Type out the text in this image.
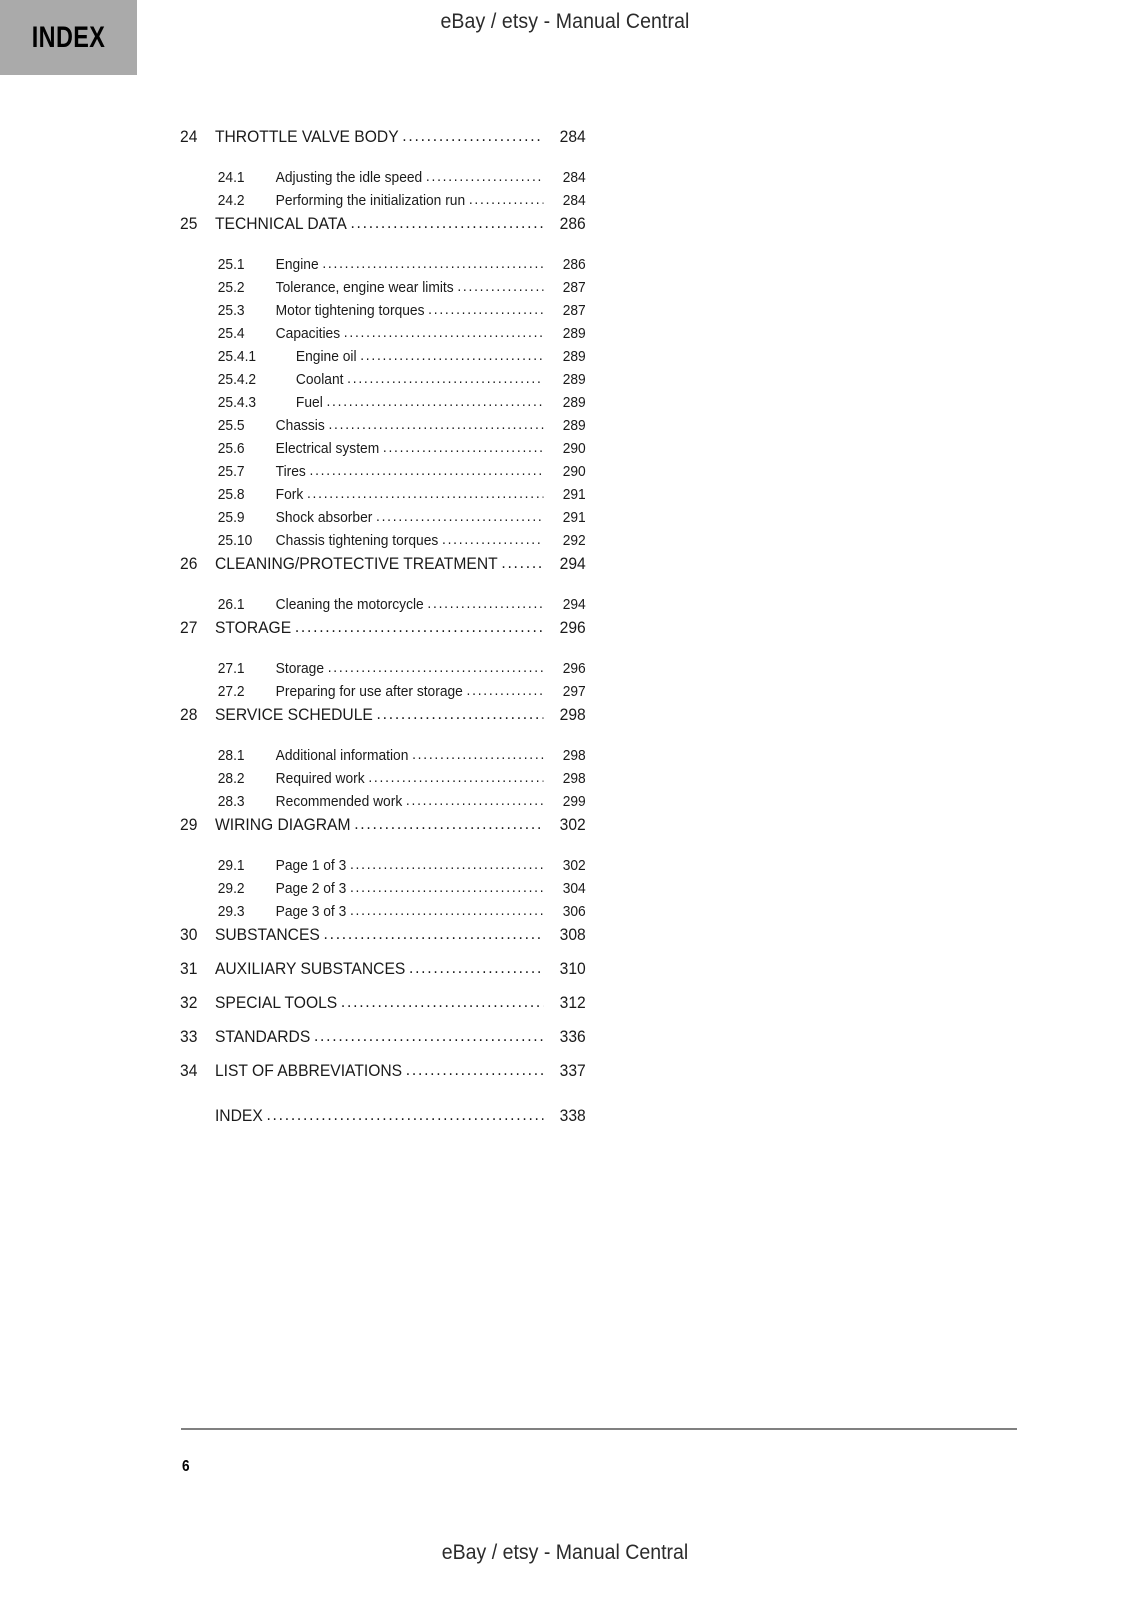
INDEX	eBay / etsy - Manual Central
24	THROTTLE VALVE BODY .....	284
24.1	Adjusting the idle speed .....	284
24.2	Performing the initialization run .....	284
25	TECHNICAL DATA .....	286
25.1	Engine .....	286
25.2	Tolerance, engine wear limits .....	287
25.3	Motor tightening torques .....	287
25.4	Capacities .....	289
25.4.1	Engine oil .....	289
25.4.2	Coolant .....	289
25.4.3	Fuel .....	289
25.5	Chassis .....	289
25.6	Electrical system .....	290
25.7	Tires .....	290
25.8	Fork .....	291
25.9	Shock absorber .....	291
25.10	Chassis tightening torques .....	292
26	CLEANING/PROTECTIVE TREATMENT .....	294
26.1	Cleaning the motorcycle .....	294
27	STORAGE .....	296
27.1	Storage .....	296
27.2	Preparing for use after storage .....	297
28	SERVICE SCHEDULE .....	298
28.1	Additional information .....	298
28.2	Required work .....	298
28.3	Recommended work .....	299
29	WIRING DIAGRAM .....	302
29.1	Page 1 of 3 .....	302
29.2	Page 2 of 3 .....	304
29.3	Page 3 of 3 .....	306
30	SUBSTANCES .....	308
31	AUXILIARY SUBSTANCES .....	310
32	SPECIAL TOOLS .....	312
33	STANDARDS .....	336
34	LIST OF ABBREVIATIONS .....	337
INDEX .....	338
6
eBay / etsy - Manual Central
